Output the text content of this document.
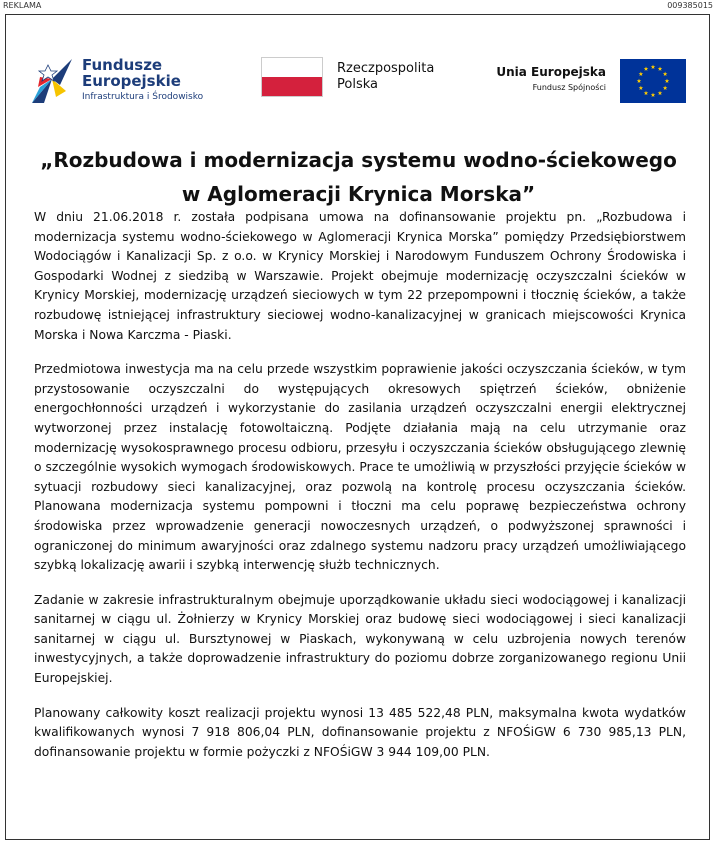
REKLAMA	009385015
Fundusze
Europejskie
Infrastruktura i Środowisko
Rzeczpospolita
Polska
Unia Europejska
Fundusz Spójności
„Rozbudowa i modernizacja systemu wodno-ściekowego
w Aglomeracji Krynica Morska”

W dniu 21.06.2018 r. została podpisana umowa na dofinansowanie projektu pn. „Rozbudowa i modernizacja systemu wodno-ściekowego w Aglomeracji Krynica Morska” pomiędzy Przedsiębiorstwem Wodociągów i Kanalizacji Sp. z o.o. w Krynicy Morskiej i Narodowym Funduszem Ochrony Środowiska i Gospodarki Wodnej z siedzibą w Warszawie. Projekt obejmuje modernizację oczyszczalni ścieków w Krynicy Morskiej, modernizację urządzeń sieciowych w tym 22 przepompowni i tłocznię ścieków, a także rozbudowę istniejącej infrastruktury sieciowej wodno-kanalizacyjnej w granicach miejscowości Krynica Morska i Nowa Karczma - Piaski.

Przedmiotowa inwestycja ma na celu przede wszystkim poprawienie jakości oczyszczania ścieków, w tym przystosowanie oczyszczalni do występujących okresowych spiętrzeń ścieków, obniżenie energochłonności urządzeń i wykorzystanie do zasilania urządzeń oczyszczalni energii elektrycznej wytworzonej przez instalację fotowoltaiczną. Podjęte działania mają na celu utrzymanie oraz modernizację wysokosprawnego procesu odbioru, przesyłu i oczyszczania ścieków obsługującego zlewnię o szczególnie wysokich wymogach środowiskowych. Prace te umożliwią w przyszłości przyjęcie ścieków w sytuacji rozbudowy sieci kanalizacyjnej, oraz pozwolą na kontrolę procesu oczyszczania ścieków. Planowana modernizacja systemu pompowni i tłoczni ma celu poprawę bezpieczeństwa ochrony środowiska przez wprowadzenie generacji nowoczesnych urządzeń, o podwyższonej sprawności i ograniczonej do minimum awaryjności oraz zdalnego systemu nadzoru pracy urządzeń umożliwiającego szybką lokalizację awarii i szybką interwencję służb technicznych.

Zadanie w zakresie infrastrukturalnym obejmuje uporządkowanie układu sieci wodociągowej i kanalizacji sanitarnej w ciągu ul. Żołnierzy w Krynicy Morskiej oraz budowę sieci wodociągowej i sieci kanalizacji sanitarnej w ciągu ul. Bursztynowej w Piaskach, wykonywaną w celu uzbrojenia nowych terenów inwestycyjnych, a także doprowadzenie infrastruktury do poziomu dobrze zorganizowanego regionu Unii Europejskiej.

Planowany całkowity koszt realizacji projektu wynosi 13 485 522,48 PLN, maksymalna kwota wydatków kwalifikowanych wynosi 7 918 806,04 PLN, dofinansowanie projektu z NFOŚiGW 6 730 985,13 PLN, dofinansowanie projektu w formie pożyczki z NFOŚiGW 3 944 109,00 PLN.
